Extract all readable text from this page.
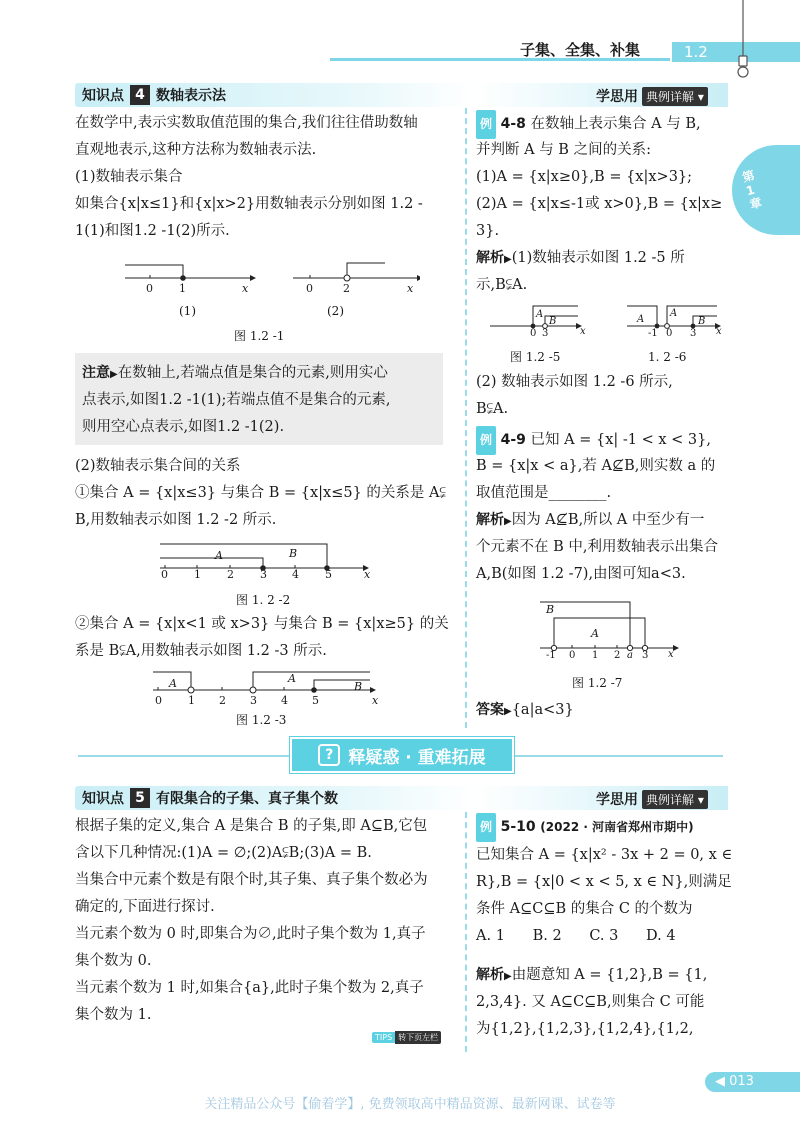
子集、全集、补集	1.2
第1章
知识点 4 数轴表示法	学思用 典例详解 ▾
在数学中,表示实数取值范围的集合,我们往往借助数轴
直观地表示,这种方法称为数轴表示法.
(1)数轴表示集合
如集合{x|x≤1}和{x|x>2}用数轴表示分别如图 1.2 -
1(1)和图1.2 -1(2)所示.
0 1	x	0	2	x
(1)	(2)
图 1.2 -1
注意▶在数轴上,若端点值是集合的元素,则用实心
点表示,如图1.2 -1(1);若端点值不是集合的元素,
则用空心点表示,如图1.2 -1(2).
(2)数轴表示集合间的关系
①集合 A = {x|x≤3} 与集合 B = {x|x≤5} 的关系是 A⫋
B,用数轴表示如图 1.2 -2 所示.
A	B
0 1 2 3 4 5	x
图 1. 2 -2
②集合 A = {x|x<1 或 x>3} 与集合 B = {x|x≥5} 的关
系是 B⫋A,用数轴表示如图 1.2 -3 所示.
A	A
B
0 1 2 3 4 5	x
图 1.2 -3
例 4-8 在数轴上表示集合 A 与 B,
并判断 A 与 B 之间的关系:
(1)A = {x|x≥0},B = {x|x>3};
(2)A = {x|x≤-1或 x>0},B = {x|x≥
3}.
解析▶(1)数轴表示如图 1.2 -5 所
示,B⫋A.
A
B
0 3	x
A
A
B
-1 0 3 x
图 1.2 -5	1. 2 -6
(2) 数轴表示如图 1.2 -6 所示,
B⫋A.
例 4-9 已知 A = {x| -1 < x < 3},
B = {x|x < a},若 A⊈B,则实数 a 的
取值范围是________.
解析▶因为 A⊈B,所以 A 中至少有一
个元素不在 B 中,利用数轴表示出集合
A,B(如图 1.2 -7),由图可知a<3.
B
A
-1 0 1 2 a 3 x
图 1.2 -7
答案▶{a|a<3}
? 释疑惑 · 重难拓展
知识点 5 有限集合的子集、真子集个数	学思用 典例详解 ▾
根据子集的定义,集合 A 是集合 B 的子集,即 A⊆B,它包
含以下几种情况:(1)A = ∅;(2)A⫋B;(3)A = B.
当集合中元素个数是有限个时,其子集、真子集个数必为
确定的,下面进行探讨.
当元素个数为 0 时,即集合为∅,此时子集个数为 1,真子
集个数为 0.
当元素个数为 1 时,如集合{a},此时子集个数为 2,真子
集个数为 1.
TIPS 转下页左栏
例 5-10 (2022 · 河南省郑州市期中)
已知集合 A = {x|x² - 3x + 2 = 0, x ∈
R},B = {x|0 < x < 5, x ∈ N},则满足
条件 A⊆C⊆B 的集合 C 的个数为
A. 1      B. 2      C. 3      D. 4
解析▶由题意知 A = {1,2},B = {1,
2,3,4}. 又 A⊆C⊆B,则集合 C 可能
为{1,2},{1,2,3},{1,2,4},{1,2,
◀ 013
关注精品公众号【偷着学】, 免费领取高中精品资源、最新网课、试卷等
